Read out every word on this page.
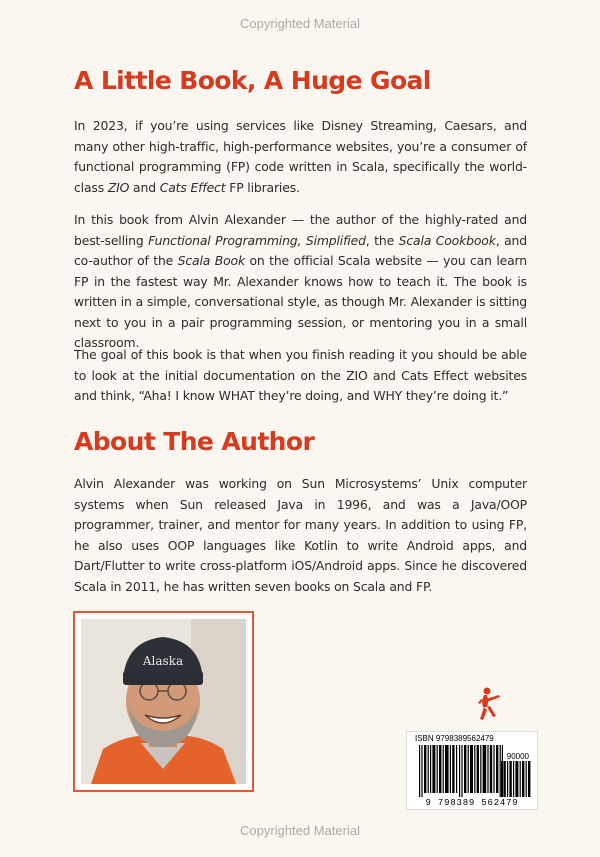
Copyrighted Material
A Little Book, A Huge Goal

In 2023, if you’re using services like Disney Streaming, Caesars, and many other high-traffic, high-performance websites, you’re a consumer of functional programming (FP) code written in Scala, specifically the world-class ZIO and Cats Effect FP libraries.

In this book from Alvin Alexander — the author of the highly-rated and best-selling Functional Programming, Simplified, the Scala Cookbook, and co-author of the Scala Book on the official Scala website — you can learn FP in the fastest way Mr. Alexander knows how to teach it. The book is written in a simple, conversational style, as though Mr. Alexander is sitting next to you in a pair programming session, or mentoring you in a small classroom.

The goal of this book is that when you finish reading it you should be able to look at the initial documentation on the ZIO and Cats Effect websites and think, “Aha! I know WHAT they’re doing, and WHY they’re doing it.”

About The Author

Alvin Alexander was working on Sun Microsystems’ Unix computer systems when Sun released Java in 1996, and was a Java/OOP programmer, trainer, and mentor for many years. In addition to using FP, he also uses OOP languages like Kotlin to write Android apps, and Dart/Flutter to write cross-platform iOS/Android apps. Since he discovered Scala in 2011, he has written seven books on Scala and FP.

Alaska
ISBN 9798389562479
90000
9 798389 562479
Copyrighted Material
